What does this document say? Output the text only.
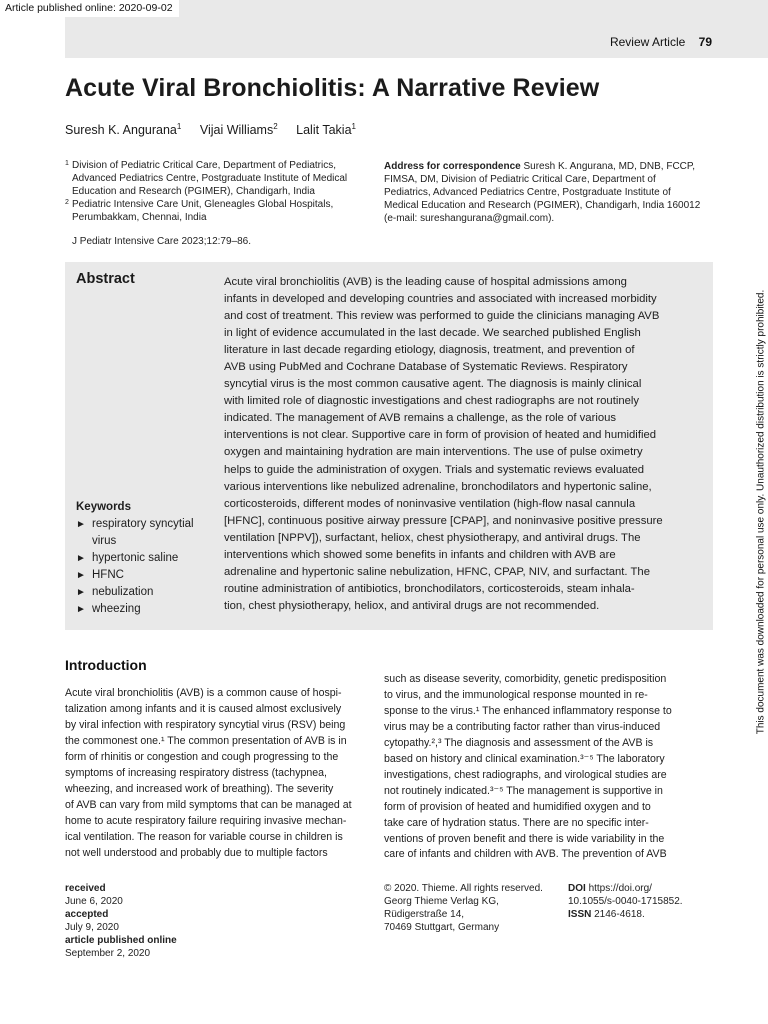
Article published online: 2020-09-02
Review Article 79
Acute Viral Bronchiolitis: A Narrative Review
Suresh K. Angurana$^1$ Vijai Williams$^2$ Lalit Takia$^1$
1 Division of Pediatric Critical Care, Department of Pediatrics,
Advanced Pediatrics Centre, Postgraduate Institute of Medical
Education and Research (PGIMER), Chandigarh, India
2 Pediatric Intensive Care Unit, Gleneagles Global Hospitals,
Perumbakkam, Chennai, India
Address for correspondence Suresh K. Angurana, MD, DNB, FCCP,
FIMSA, DM, Division of Pediatric Critical Care, Department of
Pediatrics, Advanced Pediatrics Centre, Postgraduate Institute of
Medical Education and Research (PGIMER), Chandigarh, India 160012
(e-mail: sureshangurana@gmail.com).
J Pediatr Intensive Care 2023;12:79–86.
Abstract	Acute viral bronchiolitis (AVB) is the leading cause of hospital admissions among
infants in developed and developing countries and associated with increased morbidity
and cost of treatment. This review was performed to guide the clinicians managing AVB
in light of evidence accumulated in the last decade. We searched published English
literature in last decade regarding etiology, diagnosis, treatment, and prevention of
AVB using PubMed and Cochrane Database of Systematic Reviews. Respiratory
syncytial virus is the most common causative agent. The diagnosis is mainly clinical
with limited role of diagnostic investigations and chest radiographs are not routinely
indicated. The management of AVB remains a challenge, as the role of various
interventions is not clear. Supportive care in form of provision of heated and humidified
oxygen and maintaining hydration are main interventions. The use of pulse oximetry
helps to guide the administration of oxygen. Trials and systematic reviews evaluated
various interventions like nebulized adrenaline, bronchodilators and hypertonic saline,
corticosteroids, different modes of noninvasive ventilation (high-flow nasal cannula
[HFNC], continuous positive airway pressure [CPAP], and noninvasive positive pressure
ventilation [NPPV]), surfactant, heliox, chest physiotherapy, and antiviral drugs. The
interventions which showed some benefits in infants and children with AVB are
adrenaline and hypertonic saline nebulization, HFNC, CPAP, NIV, and surfactant. The
routine administration of antibiotics, bronchodilators, corticosteroids, steam inhala-
tion, chest physiotherapy, heliox, and antiviral drugs are not recommended.
Keywords
► respiratory syncytial
virus
► hypertonic saline
► HFNC
► nebulization
► wheezing
Introduction
Acute viral bronchiolitis (AVB) is a common cause of hospi-
talization among infants and it is caused almost exclusively
by viral infection with respiratory syncytial virus (RSV) being
the commonest one.¹ The common presentation of AVB is in
form of rhinitis or congestion and cough progressing to the
symptoms of increasing respiratory distress (tachypnea,
wheezing, and increased work of breathing). The severity
of AVB can vary from mild symptoms that can be managed at
home to acute respiratory failure requiring invasive mechan-
ical ventilation. The reason for variable course in children is
not well understood and probably due to multiple factors
such as disease severity, comorbidity, genetic predisposition
to virus, and the immunological response mounted in re-
sponse to the virus.¹ The enhanced inflammatory response to
virus may be a contributing factor rather than virus-induced
cytopathy.²,³ The diagnosis and assessment of the AVB is
based on history and clinical examination.³⁻⁵ The laboratory
investigations, chest radiographs, and virological studies are
not routinely indicated.³⁻⁵ The management is supportive in
form of provision of heated and humidified oxygen and to
take care of hydration status. There are no specific inter-
ventions of proven benefit and there is wide variability in the
care of infants and children with AVB. The prevention of AVB
received
June 6, 2020
accepted
July 9, 2020
article published online
September 2, 2020
© 2020. Thieme. All rights reserved.
Georg Thieme Verlag KG,
Rüdigerstraße 14,
70469 Stuttgart, Germany
DOI https://doi.org/
10.1055/s-0040-1715852.
ISSN 2146-4618.
This document was downloaded for personal use only. Unauthorized distribution is strictly prohibited.
